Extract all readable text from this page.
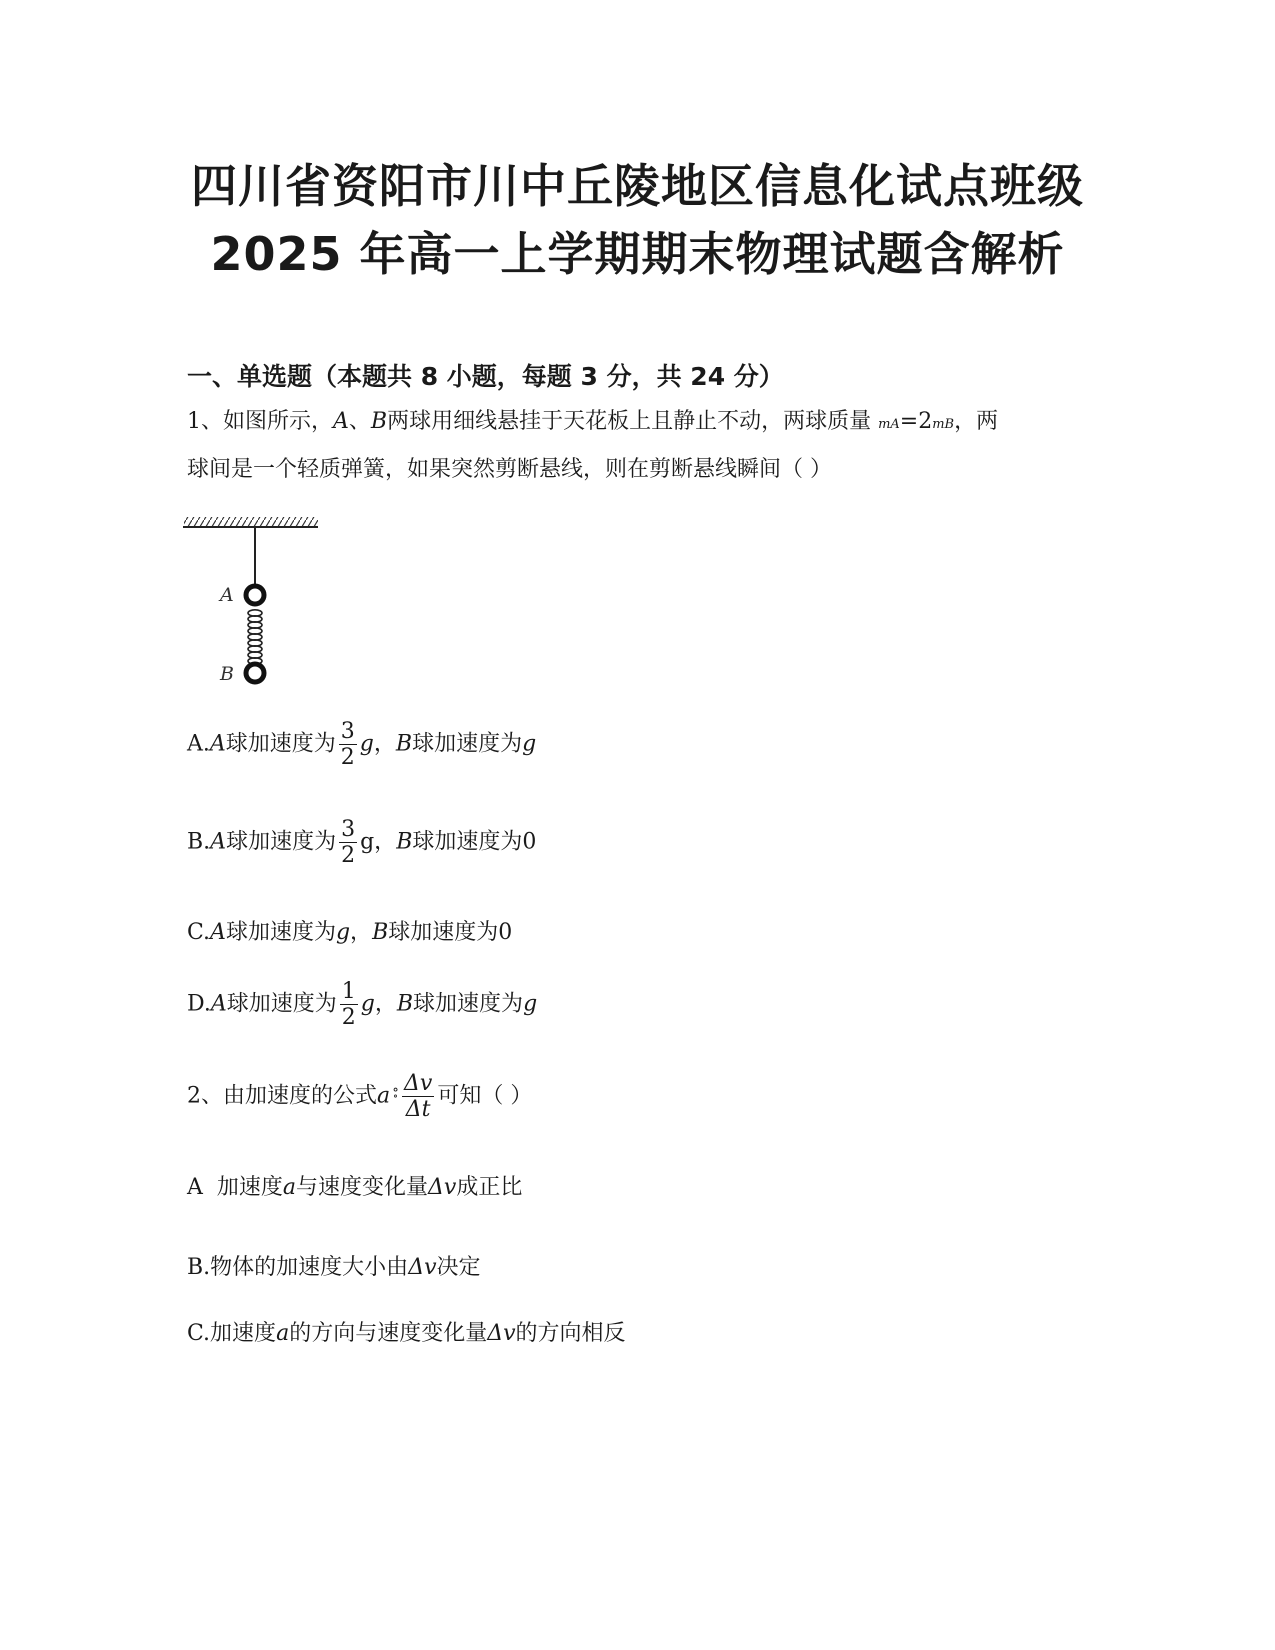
四川省资阳市川中丘陵地区信息化试点班级
2025 年高一上学期期末物理试题含解析
一、单选题（本题共 8 小题，每题 3 分，共 24 分）
1、如图所示，A、B两球用细线悬挂于天花板上且静止不动，两球质量 mA=2mB，两
球间是一个轻质弹簧，如果突然剪断悬线，则在剪断悬线瞬间（ ）
A
B
A.A球加速度为 $\frac{3}{2}$ g，B球加速度为g
B.A球加速度为 $\frac{3}{2}$ g，B球加速度为0
C.A球加速度为g，B球加速度为0
D.A球加速度为 $\frac{1}{2}$ g，B球加速度为g
2、由加速度的公式a $^{\circ̥} \frac{\Delta v}{\Delta t}$ 可知（ ）
A 加速度a与速度变化量Δv成正比
B.物体的加速度大小由Δv决定
C.加速度a的方向与速度变化量Δv的方向相反
